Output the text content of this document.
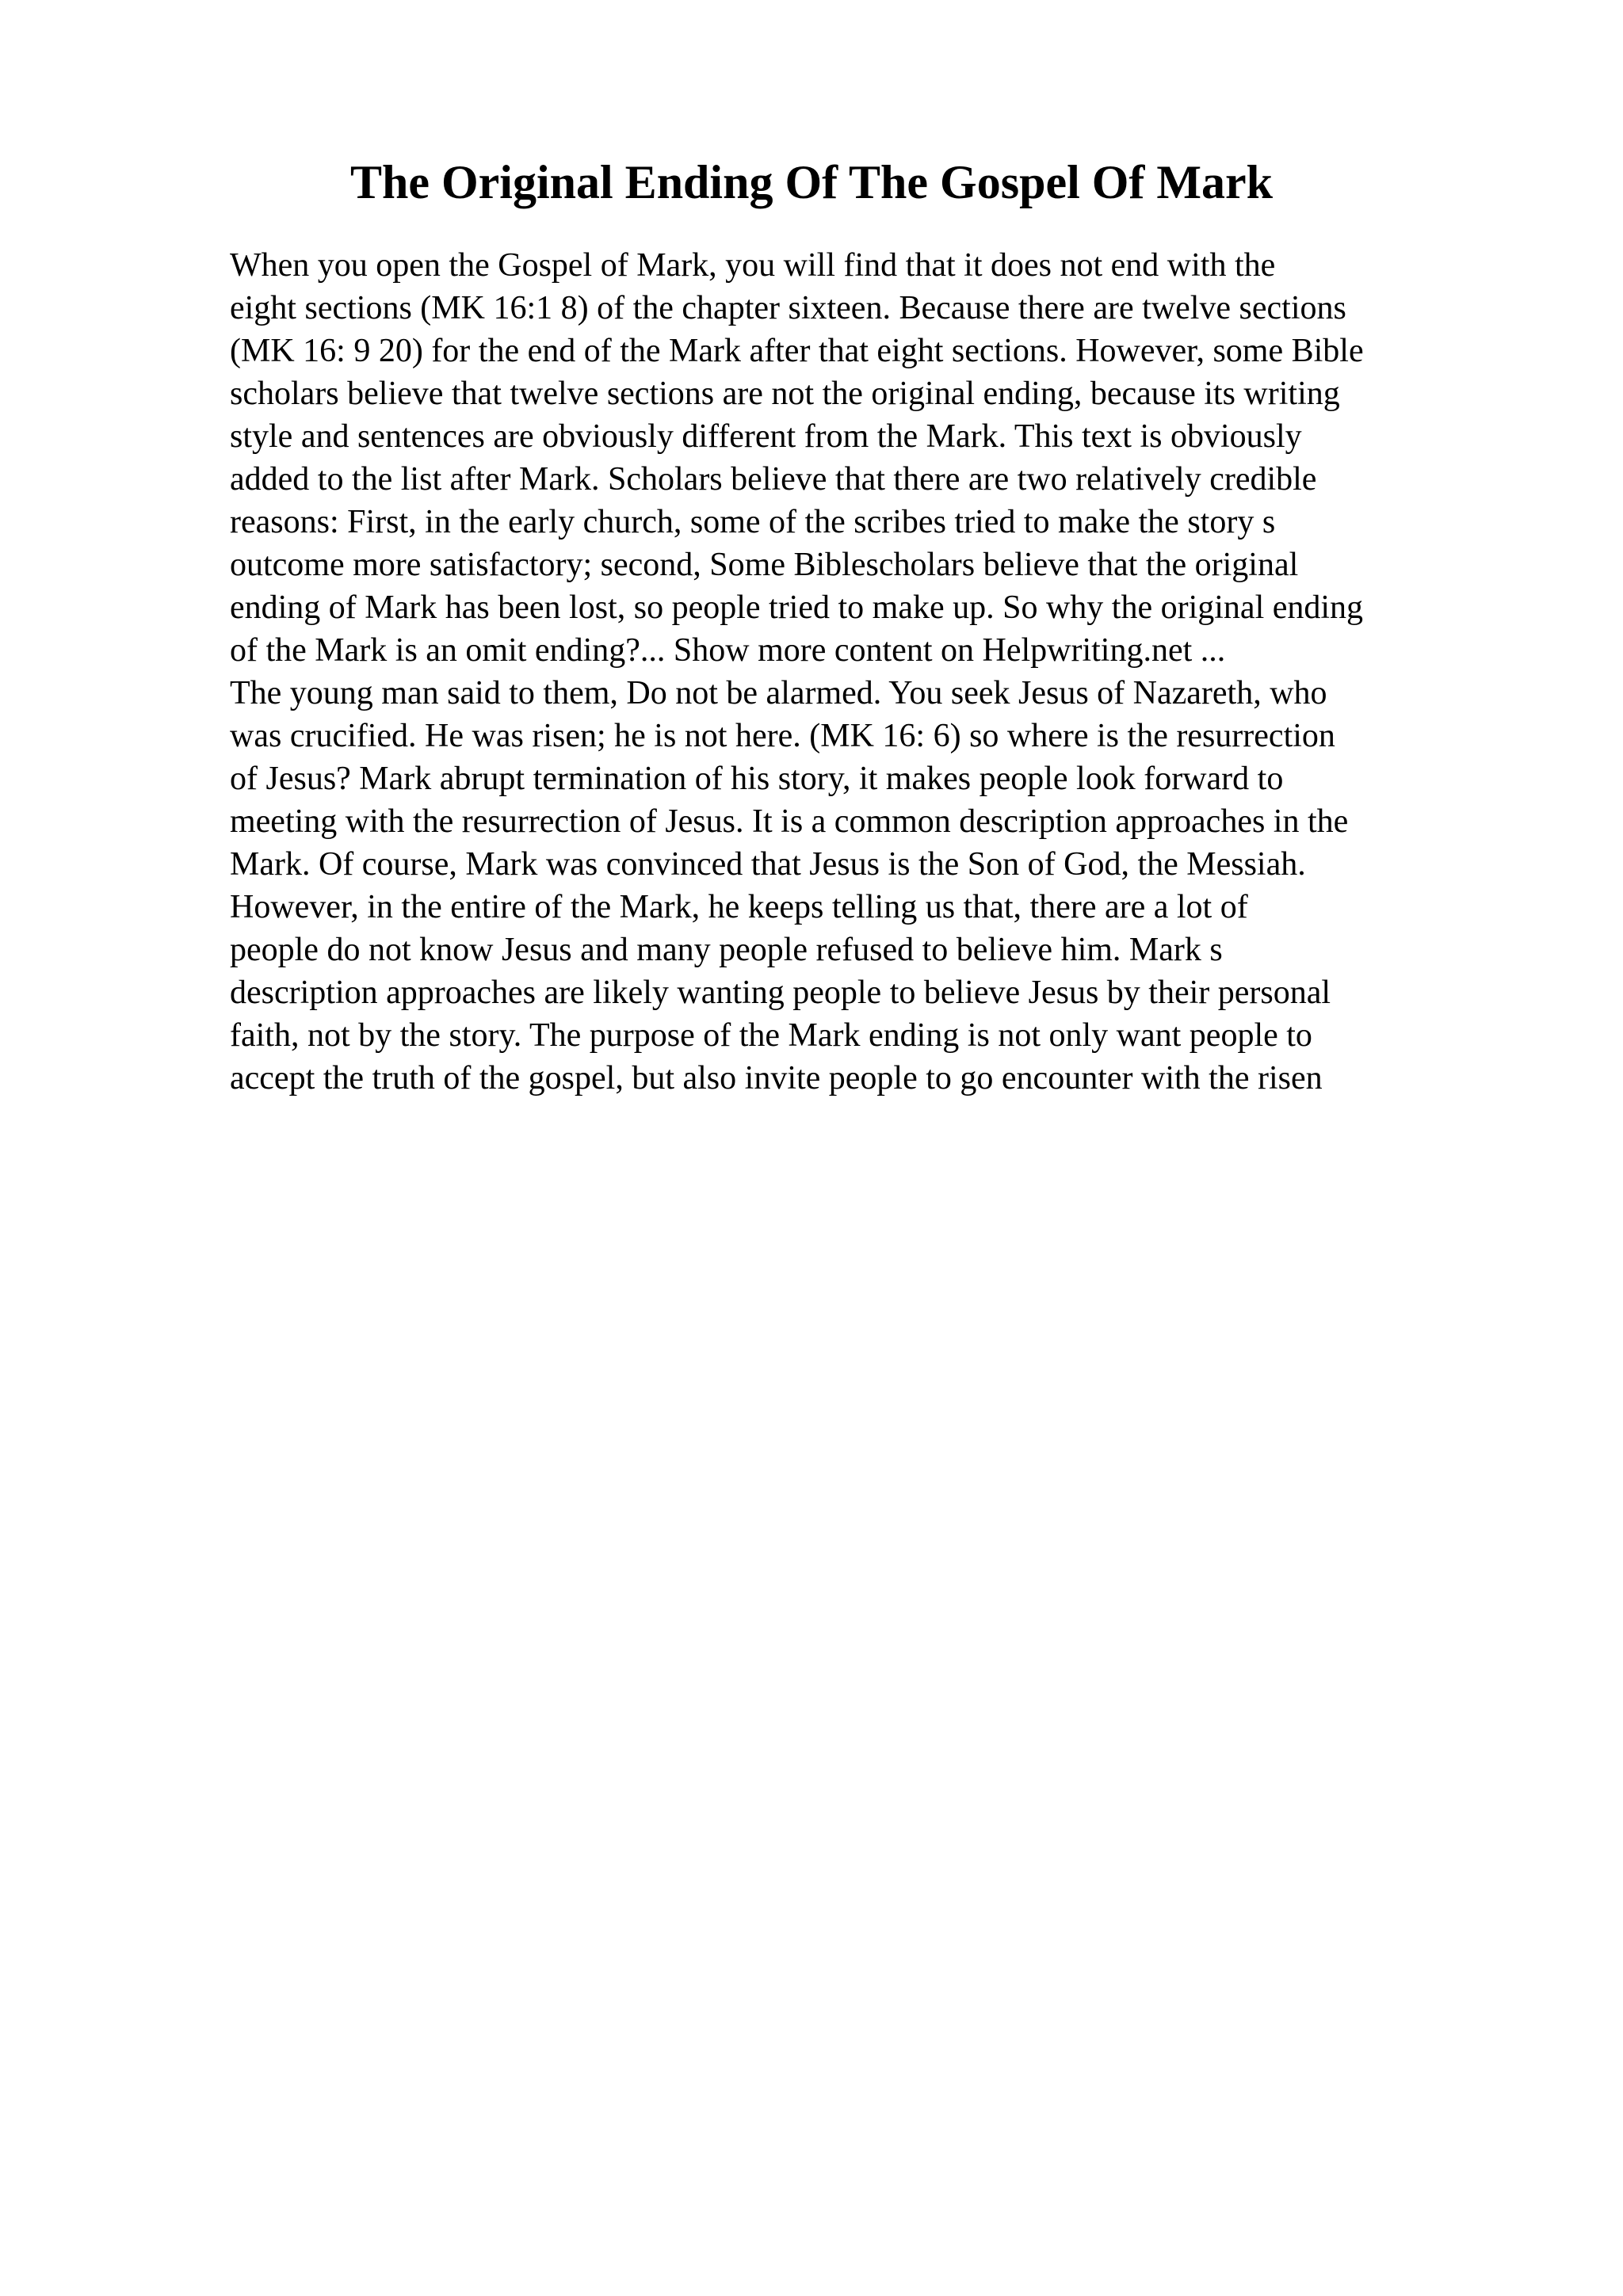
The Original Ending Of The Gospel Of Mark
When you open the Gospel of Mark, you will find that it does not end with the
eight sections (MK 16:1 8) of the chapter sixteen. Because there are twelve sections
(MK 16: 9 20) for the end of the Mark after that eight sections. However, some Bible
scholars believe that twelve sections are not the original ending, because its writing
style and sentences are obviously different from the Mark. This text is obviously
added to the list after Mark. Scholars believe that there are two relatively credible
reasons: First, in the early church, some of the scribes tried to make the story s
outcome more satisfactory; second, Some Biblescholars believe that the original
ending of Mark has been lost, so people tried to make up. So why the original ending
of the Mark is an omit ending?... Show more content on Helpwriting.net ...
The young man said to them, Do not be alarmed. You seek Jesus of Nazareth, who
was crucified. He was risen; he is not here. (MK 16: 6) so where is the resurrection
of Jesus? Mark abrupt termination of his story, it makes people look forward to
meeting with the resurrection of Jesus. It is a common description approaches in the
Mark. Of course, Mark was convinced that Jesus is the Son of God, the Messiah.
However, in the entire of the Mark, he keeps telling us that, there are a lot of
people do not know Jesus and many people refused to believe him. Mark s
description approaches are likely wanting people to believe Jesus by their personal
faith, not by the story. The purpose of the Mark ending is not only want people to
accept the truth of the gospel, but also invite people to go encounter with the risen
